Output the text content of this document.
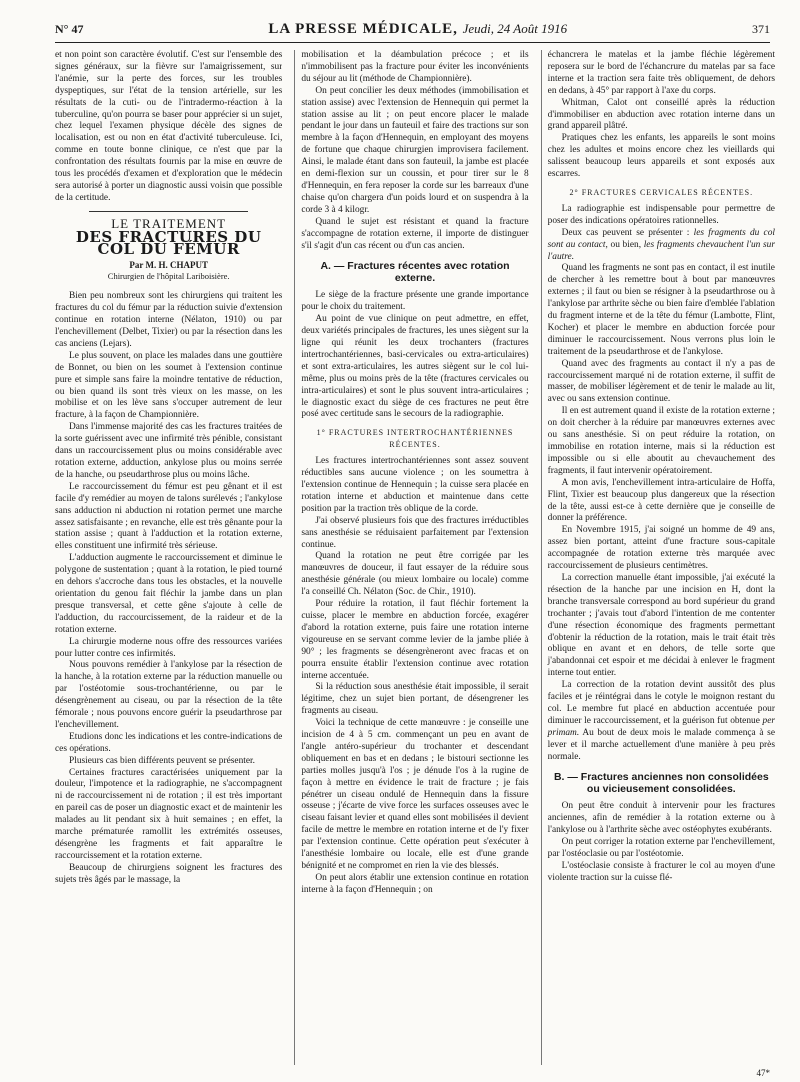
N° 47	LA PRESSE MÉDICALE, Jeudi, 24 Août 1916	371

et non point son caractère évolutif. C'est sur l'ensemble des signes généraux, sur la fièvre sur l'amaigrissement, sur l'anémie, sur la perte des forces, sur les troubles dyspeptiques, sur l'état de la tension artérielle, sur les résultats de la cuti- ou de l'intradermo-réaction à la tuberculine, qu'on pourra se baser pour apprécier si un sujet, chez lequel l'examen physique décèle des signes de localisation, est ou non en état d'activité tuberculeuse. Ici, comme en toute bonne clinique, ce n'est que par la confrontation des résultats fournis par la mise en œuvre de tous les procédés d'examen et d'exploration que le médecin sera autorisé à porter un diagnostic aussi voisin que possible de la certitude.

LE TRAITEMENT
DES FRACTURES DU COL DU FÉMUR
Par M. H. CHAPUT
Chirurgien de l'hôpital Lariboisière.

Bien peu nombreux sont les chirurgiens qui traitent les fractures du col du fémur par la réduction suivie d'extension continue en rotation interne (Nélaton, 1910) ou par l'enchevillement (Delbet, Tixier) ou par la résection dans les cas anciens (Lejars).

Le plus souvent, on place les malades dans une gouttière de Bonnet, ou bien on les soumet à l'extension continue pure et simple sans faire la moindre tentative de réduction, ou bien quand ils sont très vieux on les masse, on les mobilise et on les lève sans s'occuper autrement de leur fracture, à la façon de Championnière.

Dans l'immense majorité des cas les fractures traitées de la sorte guérissent avec une infirmité très pénible, consistant dans un raccourcissement plus ou moins considérable avec rotation externe, adduction, ankylose plus ou moins serrée de la hanche, ou pseudarthrose plus ou moins lâche.

Le raccourcissement du fémur est peu gênant et il est facile d'y remédier au moyen de talons surélevés ; l'ankylose sans adduction ni abduction ni rotation permet une marche assez satisfaisante ; en revanche, elle est très gênante pour la station assise ; quant à l'adduction et la rotation externe, elles constituent une infirmité très sérieuse.

L'adduction augmente le raccourcissement et diminue le polygone de sustentation ; quant à la rotation, le pied tourné en dehors s'accroche dans tous les obstacles, et la nouvelle orientation du genou fait fléchir la jambe dans un plan presque transversal, et cette gêne s'ajoute à celle de l'adduction, du raccourcissement, de la raideur et de la rotation externe.

La chirurgie moderne nous offre des ressources variées pour lutter contre ces infirmités.

Nous pouvons remédier à l'ankylose par la résection de la hanche, à la rotation externe par la réduction manuelle ou par l'ostéotomie sous-trochantérienne, ou par le désengrènement au ciseau, ou par la résection de la tête fémorale ; nous pouvons encore guérir la pseudarthrose par l'enchevillement.

Etudions donc les indications et les contre-indications de ces opérations.

Plusieurs cas bien différents peuvent se présenter.

Certaines fractures caractérisées uniquement par la douleur, l'impotence et la radiographie, ne s'accompagnent ni de raccourcissement ni de rotation ; il est très important en pareil cas de poser un diagnostic exact et de maintenir les malades au lit pendant six à huit semaines ; en effet, la marche prématurée ramollit les extrémités osseuses, désengrène les fragments et fait apparaître le raccourcissement et la rotation externe.

Beaucoup de chirurgiens soignent les fractures des sujets très âgés par le massage, la

mobilisation et la déambulation précoce ; et ils n'immobilisent pas la fracture pour éviter les inconvénients du séjour au lit (méthode de Championnière).

On peut concilier les deux méthodes (immobilisation et station assise) avec l'extension de Hennequin qui permet la station assise au lit ; on peut encore placer le malade pendant le jour dans un fauteuil et faire des tractions sur son membre à la façon d'Hennequin, en employant des moyens de fortune que chaque chirurgien improvisera facilement. Ainsi, le malade étant dans son fauteuil, la jambe est placée en demi-flexion sur un coussin, et pour tirer sur le 8 d'Hennequin, en fera reposer la corde sur les barreaux d'une chaise qu'on chargera d'un poids lourd et on suspendra à la corde 3 à 4 kilogr.

Quand le sujet est résistant et quand la fracture s'accompagne de rotation externe, il importe de distinguer s'il s'agit d'un cas récent ou d'un cas ancien.

A. — Fractures récentes avec rotation externe.

Le siège de la fracture présente une grande importance pour le choix du traitement.

Au point de vue clinique on peut admettre, en effet, deux variétés principales de fractures, les unes siègent sur la ligne qui réunit les deux trochanters (fractures intertrochantériennes, basi-cervicales ou extra-articulaires) et sont extra-articulaires, les autres siègent sur le col lui-même, plus ou moins près de la tête (fractures cervicales ou intra-articulaires) et sont le plus souvent intra-articulaires ; le diagnostic exact du siège de ces fractures ne peut être posé avec certitude sans le secours de la radiographie.

1° FRACTURES INTERTROCHANTÉRIENNES RÉCENTES.

Les fractures intertrochantériennes sont assez souvent réductibles sans aucune violence ; on les soumettra à l'extension continue de Hennequin ; la cuisse sera placée en rotation interne et abduction et maintenue dans cette position par la traction très oblique de la corde.

J'ai observé plusieurs fois que des fractures irréductibles sans anesthésie se réduisaient parfaitement par l'extension continue.

Quand la rotation ne peut être corrigée par les manœuvres de douceur, il faut essayer de la réduire sous anesthésie générale (ou mieux lombaire ou locale) comme l'a conseillé Ch. Nélaton (Soc. de Chir., 1910).

Pour réduire la rotation, il faut fléchir fortement la cuisse, placer le membre en abduction forcée, exagérer d'abord la rotation externe, puis faire une rotation interne vigoureuse en se servant comme levier de la jambe pliée à 90° ; les fragments se désengrèneront avec fracas et on pourra ensuite établir l'extension continue avec rotation interne accentuée.

Si la réduction sous anesthésie était impossible, il serait légitime, chez un sujet bien portant, de désengrener les fragments au ciseau.

Voici la technique de cette manœuvre : je conseille une incision de 4 à 5 cm. commençant un peu en avant de l'angle antéro-supérieur du trochanter et descendant obliquement en bas et en dedans ; le bistouri sectionne les parties molles jusqu'à l'os ; je dénude l'os à la rugine de façon à mettre en évidence le trait de fracture ; je fais pénétrer un ciseau ondulé de Hennequin dans la fissure osseuse ; j'écarte de vive force les surfaces osseuses avec le ciseau faisant levier et quand elles sont mobilisées il devient facile de mettre le membre en rotation interne et de l'y fixer par l'extension continue. Cette opération peut s'exécuter à l'anesthésie lombaire ou locale, elle est d'une grande bénignité et ne compromet en rien la vie des blessés.

On peut alors établir une extension continue en rotation interne à la façon d'Hennequin ; on

échancrera le matelas et la jambe fléchie légèrement reposera sur le bord de l'échancrure du matelas par sa face interne et la traction sera faite très obliquement, de dehors en dedans, à 45° par rapport à l'axe du corps.

Whitman, Calot ont conseillé après la réduction d'immobiliser en abduction avec rotation interne dans un grand appareil plâtré.

Pratiques chez les enfants, les appareils le sont moins chez les adultes et moins encore chez les vieillards qui salissent beaucoup leurs appareils et sont exposés aux escarres.

2° FRACTURES CERVICALES RÉCENTES.

La radiographie est indispensable pour permettre de poser des indications opératoires rationnelles.

Deux cas peuvent se présenter : les fragments du col sont au contact, ou bien, les fragments chevauchent l'un sur l'autre.

Quand les fragments ne sont pas en contact, il est inutile de chercher à les remettre bout à bout par manœuvres externes ; il faut ou bien se résigner à la pseudarthrose ou à l'ankylose par arthrite sèche ou bien faire d'emblée l'ablation du fragment interne et de la tête du fémur (Lambotte, Flint, Kocher) et placer le membre en abduction forcée pour diminuer le raccourcissement. Nous verrons plus loin le traitement de la pseudarthrose et de l'ankylose.

Quand avec des fragments au contact il n'y a pas de raccourcissement marqué ni de rotation externe, il suffit de masser, de mobiliser légèrement et de tenir le malade au lit, avec ou sans extension continue.

Il en est autrement quand il existe de la rotation externe ; on doit chercher à la réduire par manœuvres externes avec ou sans anesthésie. Si on peut réduire la rotation, on immobilise en rotation interne, mais si la réduction est impossible ou si elle aboutit au chevauchement des fragments, il faut intervenir opératoirement.

A mon avis, l'enchevillement intra-articulaire de Hoffa, Flint, Tixier est beaucoup plus dangereux que la résection de la tête, aussi est-ce à cette dernière que je conseille de donner la préférence.

En Novembre 1915, j'ai soigné un homme de 49 ans, assez bien portant, atteint d'une fracture sous-capitale accompagnée de rotation externe très marquée avec raccourcissement de plusieurs centimètres.

La correction manuelle étant impossible, j'ai exécuté la résection de la hanche par une incision en H, dont la branche transversale correspond au bord supérieur du grand trochanter ; j'avais tout d'abord l'intention de me contenter d'une résection économique des fragments permettant d'obtenir la réduction de la rotation, mais le trait était très oblique en avant et en dehors, de telle sorte que j'abandonnai cet espoir et me décidai à enlever le fragment interne tout entier.

La correction de la rotation devint aussitôt des plus faciles et je réintégrai dans le cotyle le moignon restant du col. Le membre fut placé en abduction accentuée pour diminuer le raccourcissement, et la guérison fut obtenue per primam. Au bout de deux mois le malade commença à se lever et il marche actuellement d'une manière à peu près normale.

B. — Fractures anciennes non consolidées ou vicieusement consolidées.

On peut être conduit à intervenir pour les fractures anciennes, afin de remédier à la rotation externe ou à l'ankylose ou à l'arthrite sèche avec ostéophytes exubérants.

On peut corriger la rotation externe par l'enchevillement, par l'ostéoclasie ou par l'ostéotomie.

L'ostéoclasie consiste à fracturer le col au moyen d'une violente traction sur la cuisse flé-

47*
